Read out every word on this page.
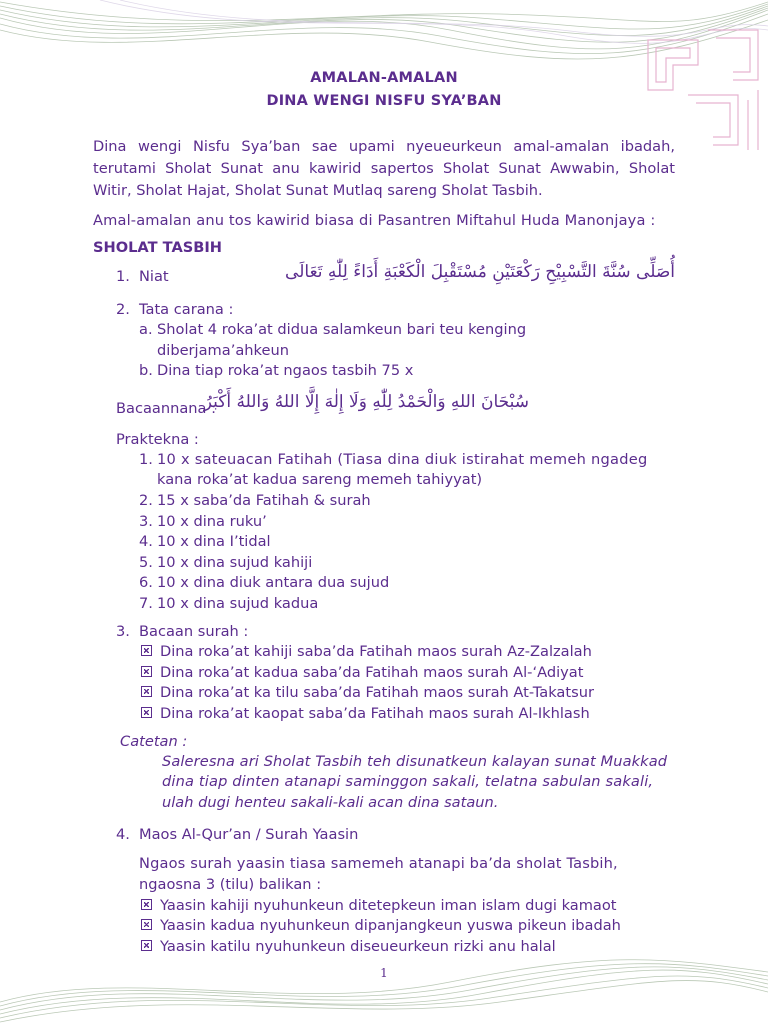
AMALAN-AMALAN
DINA WENGI NISFU SYA’BAN
Dina wengi Nisfu Sya’ban sae upami nyeueurkeun amal-amalan ibadah, terutami Sholat Sunat anu kawirid sapertos Sholat Sunat Awwabin, Sholat Witir, Sholat Hajat, Sholat Sunat Mutlaq sareng Sholat Tasbih.
Amal-amalan anu tos kawirid biasa di Pasantren Miftahul Huda Manonjaya :
SHOLAT TASBIH
1. Niat	أُصَلِّى سُنَّةَ التَّسْبِيْحِ رَكْعَتَيْنِ مُسْتَقْبِلَ الْكَعْبَةِ أَدَاءً لِلّٰهِ تَعَالَى
2. Tata carana :
a. Sholat 4 roka’at didua salamkeun bari teu kenging
diberjama’ahkeun
b. Dina tiap roka’at ngaos tasbih 75 x
Bacaannana :
سُبْحَانَ اللهِ وَالْحَمْدُ لِلّٰهِ وَلَا إِلٰهَ إِلَّا اللهُ وَاللهُ أَكْبَرُ
Praktekna :
1. 10 x sateuacan Fatihah (Tiasa dina diuk istirahat memeh ngadeg
kana roka’at kadua sareng memeh tahiyyat)
2. 15 x saba’da Fatihah & surah
3. 10 x dina ruku’
4. 10 x dina I’tidal
5. 10 x dina sujud kahiji
6. 10 x dina diuk antara dua sujud
7. 10 x dina sujud kadua
3. Bacaan surah :
Dina roka’at kahiji saba’da Fatihah maos surah Az-Zalzalah
Dina roka’at kadua saba’da Fatihah maos surah Al-‘Adiyat
Dina roka’at ka tilu saba’da Fatihah maos surah At-Takatsur
Dina roka’at kaopat saba’da Fatihah maos surah Al-Ikhlash
Catetan :
Saleresna ari Sholat Tasbih teh disunatkeun kalayan sunat Muakkad
dina tiap dinten atanapi saminggon sakali, telatna sabulan sakali,
ulah dugi henteu sakali-kali acan dina sataun.
4. Maos Al-Qur’an / Surah Yaasin
Ngaos surah yaasin tiasa samemeh atanapi ba’da sholat Tasbih,
ngaosna 3 (tilu) balikan :
Yaasin kahiji nyuhunkeun ditetepkeun iman islam dugi kamaot
Yaasin kadua nyuhunkeun dipanjangkeun yuswa pikeun ibadah
Yaasin katilu nyuhunkeun diseueurkeun rizki anu halal
1
